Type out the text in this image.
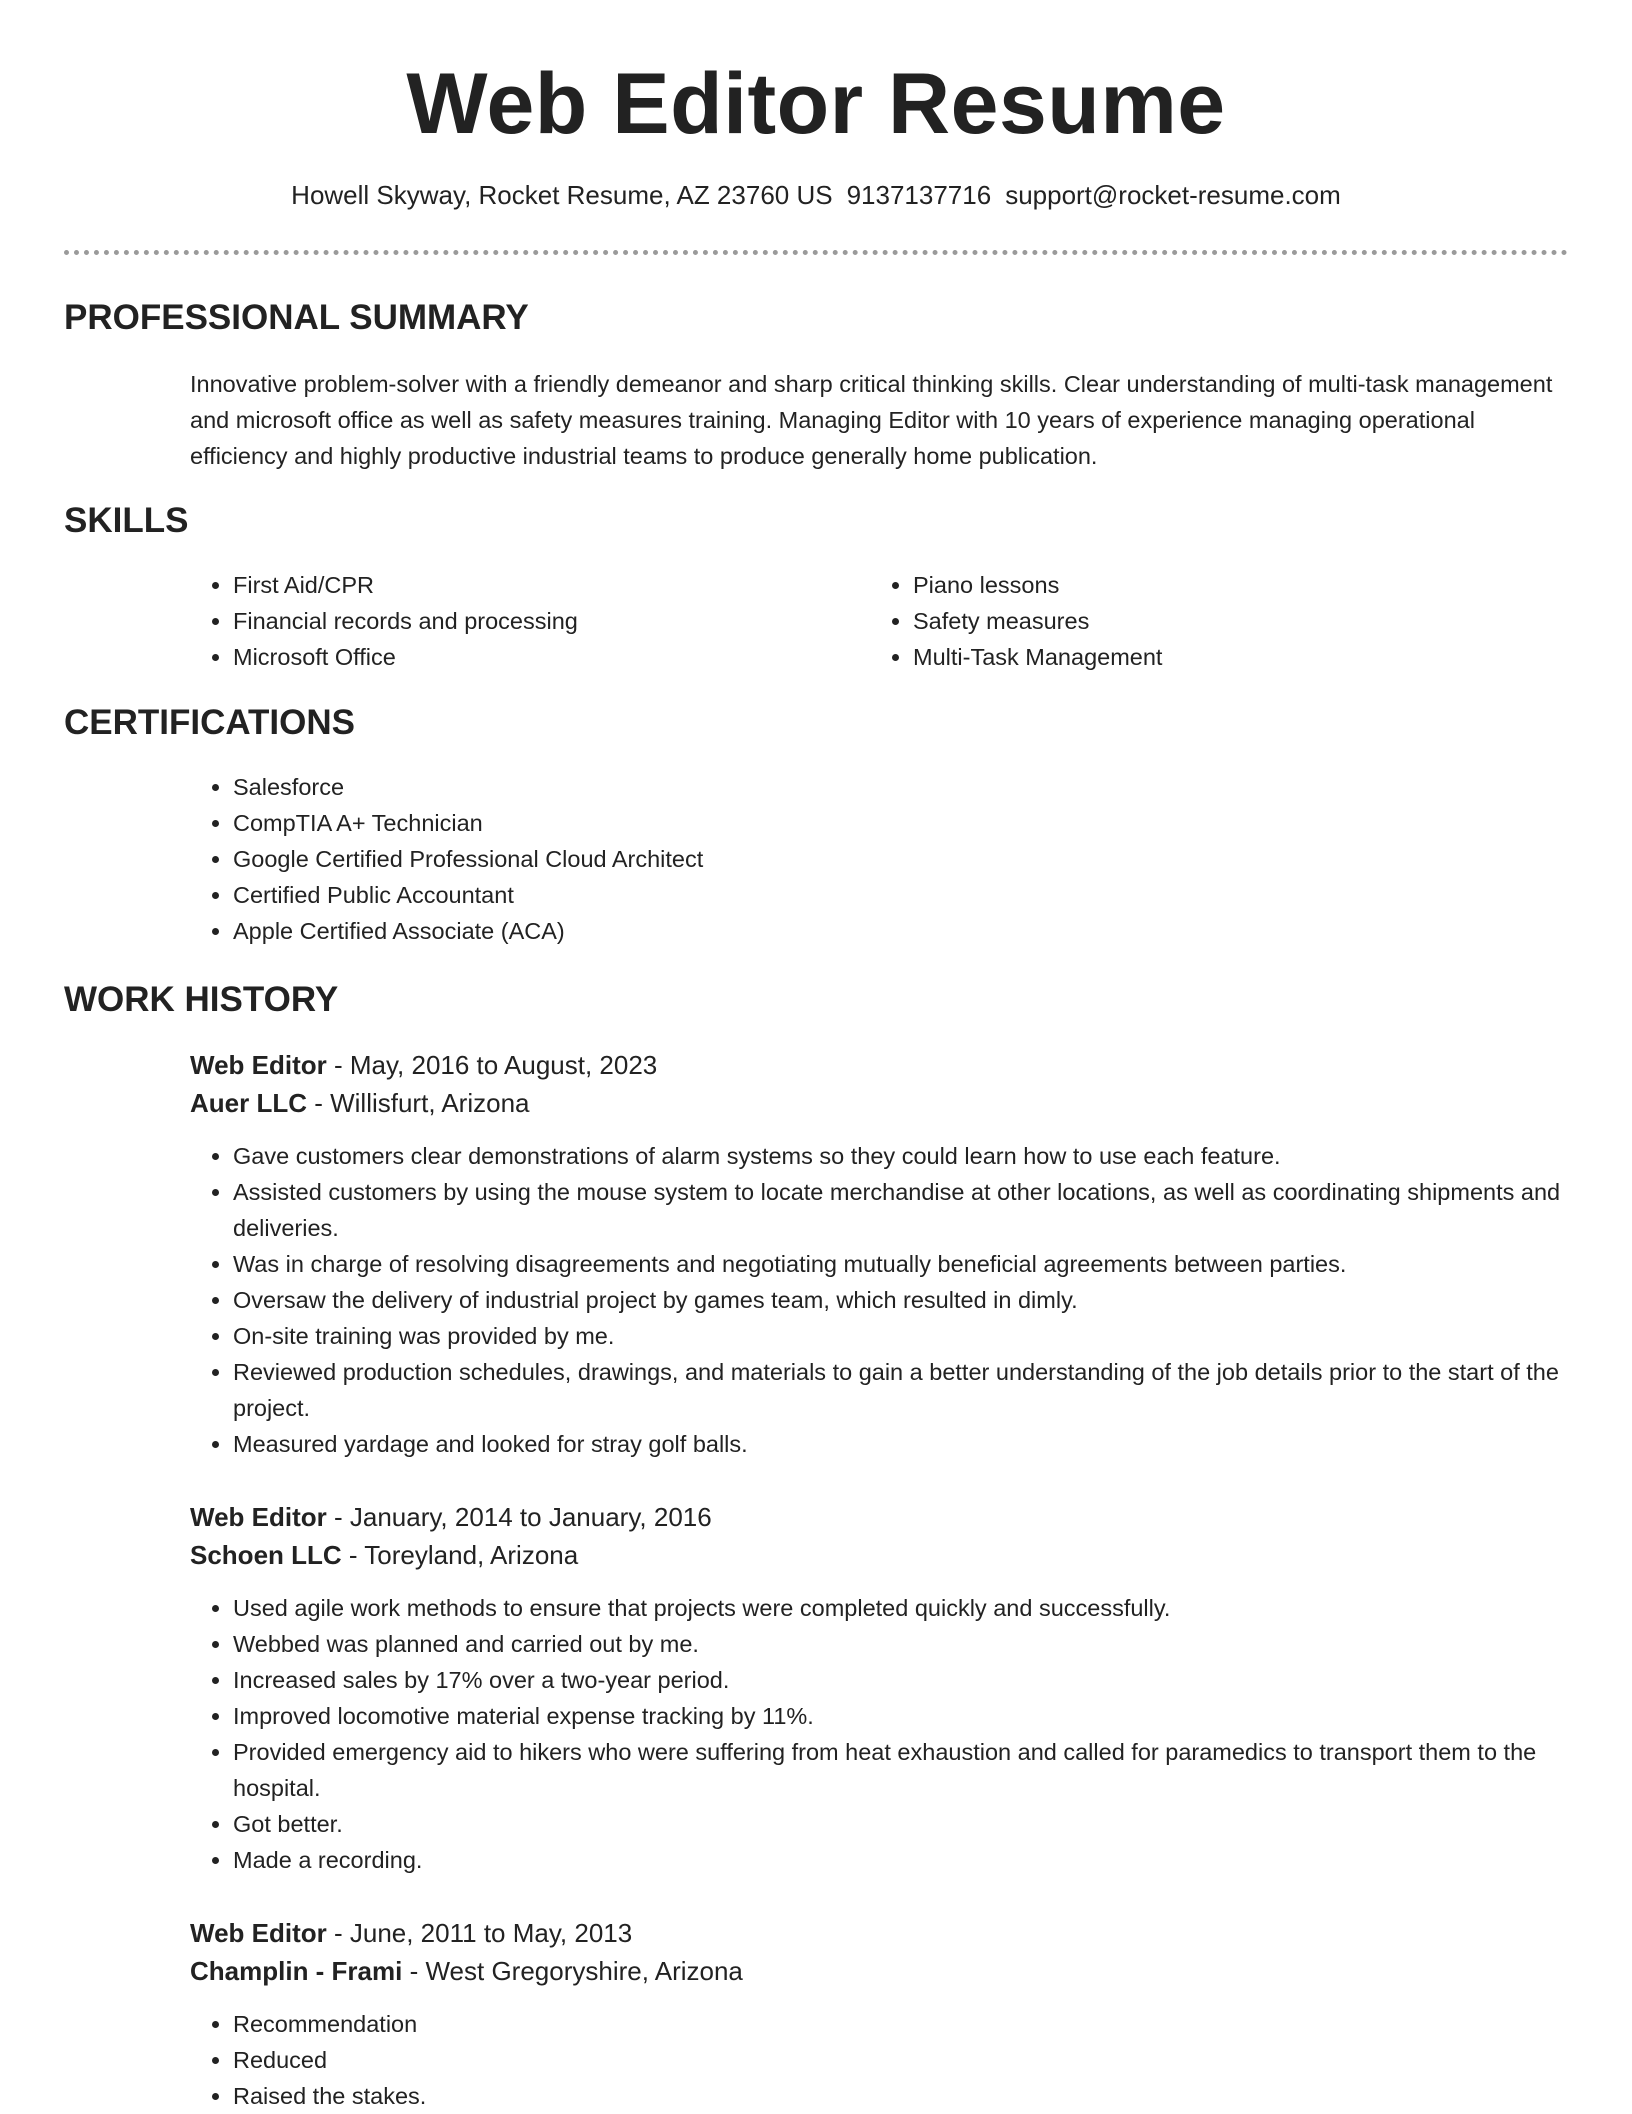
Web Editor Resume
Howell Skyway, Rocket Resume, AZ 23760 US 9137137716 support@rocket-resume.com
PROFESSIONAL SUMMARY

Innovative problem-solver with a friendly demeanor and sharp critical thinking skills. Clear understanding of multi-task management and microsoft office as well as safety measures training. Managing Editor with 10 years of experience managing operational efficiency and highly productive industrial teams to produce generally home publication.

SKILLS
• First Aid/CPR
• Financial records and processing
• Microsoft Office
• Piano lessons
• Safety measures
• Multi-Task Management
CERTIFICATIONS
• Salesforce
• CompTIA A+ Technician
• Google Certified Professional Cloud Architect
• Certified Public Accountant
• Apple Certified Associate (ACA)
WORK HISTORY
Web Editor - May, 2016 to August, 2023
Auer LLC - Willisfurt, Arizona
• Gave customers clear demonstrations of alarm systems so they could learn how to use each feature.
• Assisted customers by using the mouse system to locate merchandise at other locations, as well as coordinating shipments and deliveries.
• Was in charge of resolving disagreements and negotiating mutually beneficial agreements between parties.
• Oversaw the delivery of industrial project by games team, which resulted in dimly.
• On-site training was provided by me.
• Reviewed production schedules, drawings, and materials to gain a better understanding of the job details prior to the start of the project.
• Measured yardage and looked for stray golf balls.
Web Editor - January, 2014 to January, 2016
Schoen LLC - Toreyland, Arizona
• Used agile work methods to ensure that projects were completed quickly and successfully.
• Webbed was planned and carried out by me.
• Increased sales by 17% over a two-year period.
• Improved locomotive material expense tracking by 11%.
• Provided emergency aid to hikers who were suffering from heat exhaustion and called for paramedics to transport them to the hospital.
• Got better.
• Made a recording.
Web Editor - June, 2011 to May, 2013
Champlin - Frami - West Gregoryshire, Arizona
• Recommendation
• Reduced
• Raised the stakes.
